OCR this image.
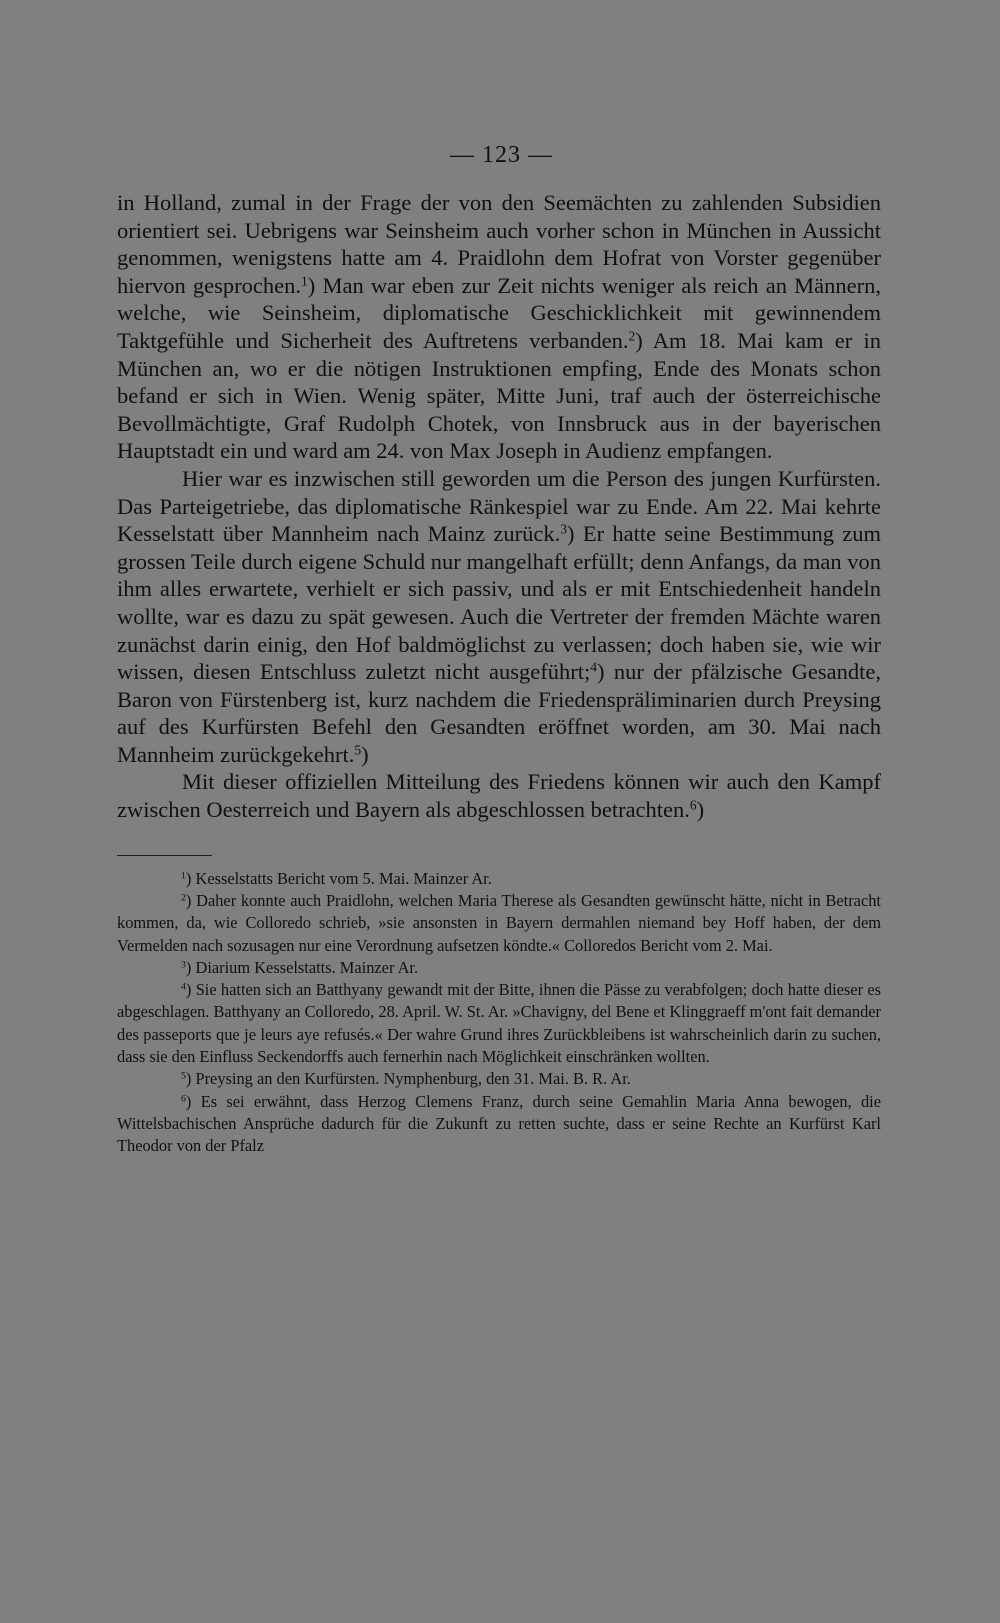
— 123 —

in Holland, zumal in der Frage der von den Seemächten zu zahlenden Subsidien orientiert sei. Uebrigens war Seinsheim auch vorher schon in München in Aussicht genommen, wenigstens hatte am 4. Praidlohn dem Hofrat von Vorster gegenüber hiervon gesprochen.$^1$) Man war eben zur Zeit nichts weniger als reich an Männern, welche, wie Seinsheim, diplomatische Geschicklichkeit mit gewinnendem Taktgefühle und Sicherheit des Auftretens verbanden.$^2$) Am 18. Mai kam er in München an, wo er die nötigen Instruktionen empfing, Ende des Monats schon befand er sich in Wien. Wenig später, Mitte Juni, traf auch der österreichische Bevollmächtigte, Graf Rudolph Chotek, von Innsbruck aus in der bayerischen Hauptstadt ein und ward am 24. von Max Joseph in Audienz empfangen.

Hier war es inzwischen still geworden um die Person des jungen Kurfürsten. Das Parteigetriebe, das diplomatische Ränkespiel war zu Ende. Am 22. Mai kehrte Kesselstatt über Mannheim nach Mainz zurück.$^3$) Er hatte seine Bestimmung zum grossen Teile durch eigene Schuld nur mangelhaft erfüllt; denn Anfangs, da man von ihm alles erwartete, verhielt er sich passiv, und als er mit Entschiedenheit handeln wollte, war es dazu zu spät gewesen. Auch die Vertreter der fremden Mächte waren zunächst darin einig, den Hof baldmöglichst zu verlassen; doch haben sie, wie wir wissen, diesen Entschluss zuletzt nicht ausgeführt;$^4$) nur der pfälzische Gesandte, Baron von Fürstenberg ist, kurz nachdem die Friedenspräliminarien durch Preysing auf des Kurfürsten Befehl den Gesandten eröffnet worden, am 30. Mai nach Mannheim zurückgekehrt.$^5$)

Mit dieser offiziellen Mitteilung des Friedens können wir auch den Kampf zwischen Oesterreich und Bayern als abgeschlossen betrachten.$^6$)

$^1$) Kesselstatts Bericht vom 5. Mai. Mainzer Ar.

$^2$) Daher konnte auch Praidlohn, welchen Maria Therese als Gesandten gewünscht hätte, nicht in Betracht kommen, da, wie Colloredo schrieb, »sie ansonsten in Bayern dermahlen niemand bey Hoff haben, der dem Vermelden nach sozusagen nur eine Verordnung aufsetzen köndte.« Colloredos Bericht vom 2. Mai.

$^3$) Diarium Kesselstatts. Mainzer Ar.

$^4$) Sie hatten sich an Batthyany gewandt mit der Bitte, ihnen die Pässe zu verabfolgen; doch hatte dieser es abgeschlagen. Batthyany an Colloredo, 28. April. W. St. Ar. »Chavigny, del Bene et Klinggraeff m'ont fait demander des passeports que je leurs aye refusés.« Der wahre Grund ihres Zurückbleibens ist wahrscheinlich darin zu suchen, dass sie den Einfluss Seckendorffs auch fernerhin nach Möglichkeit einschränken wollten.

$^5$) Preysing an den Kurfürsten. Nymphenburg, den 31. Mai. B. R. Ar.

$^6$) Es sei erwähnt, dass Herzog Clemens Franz, durch seine Gemahlin Maria Anna bewogen, die Wittelsbachischen Ansprüche dadurch für die Zukunft zu retten suchte, dass er seine Rechte an Kurfürst Karl Theodor von der Pfalz
